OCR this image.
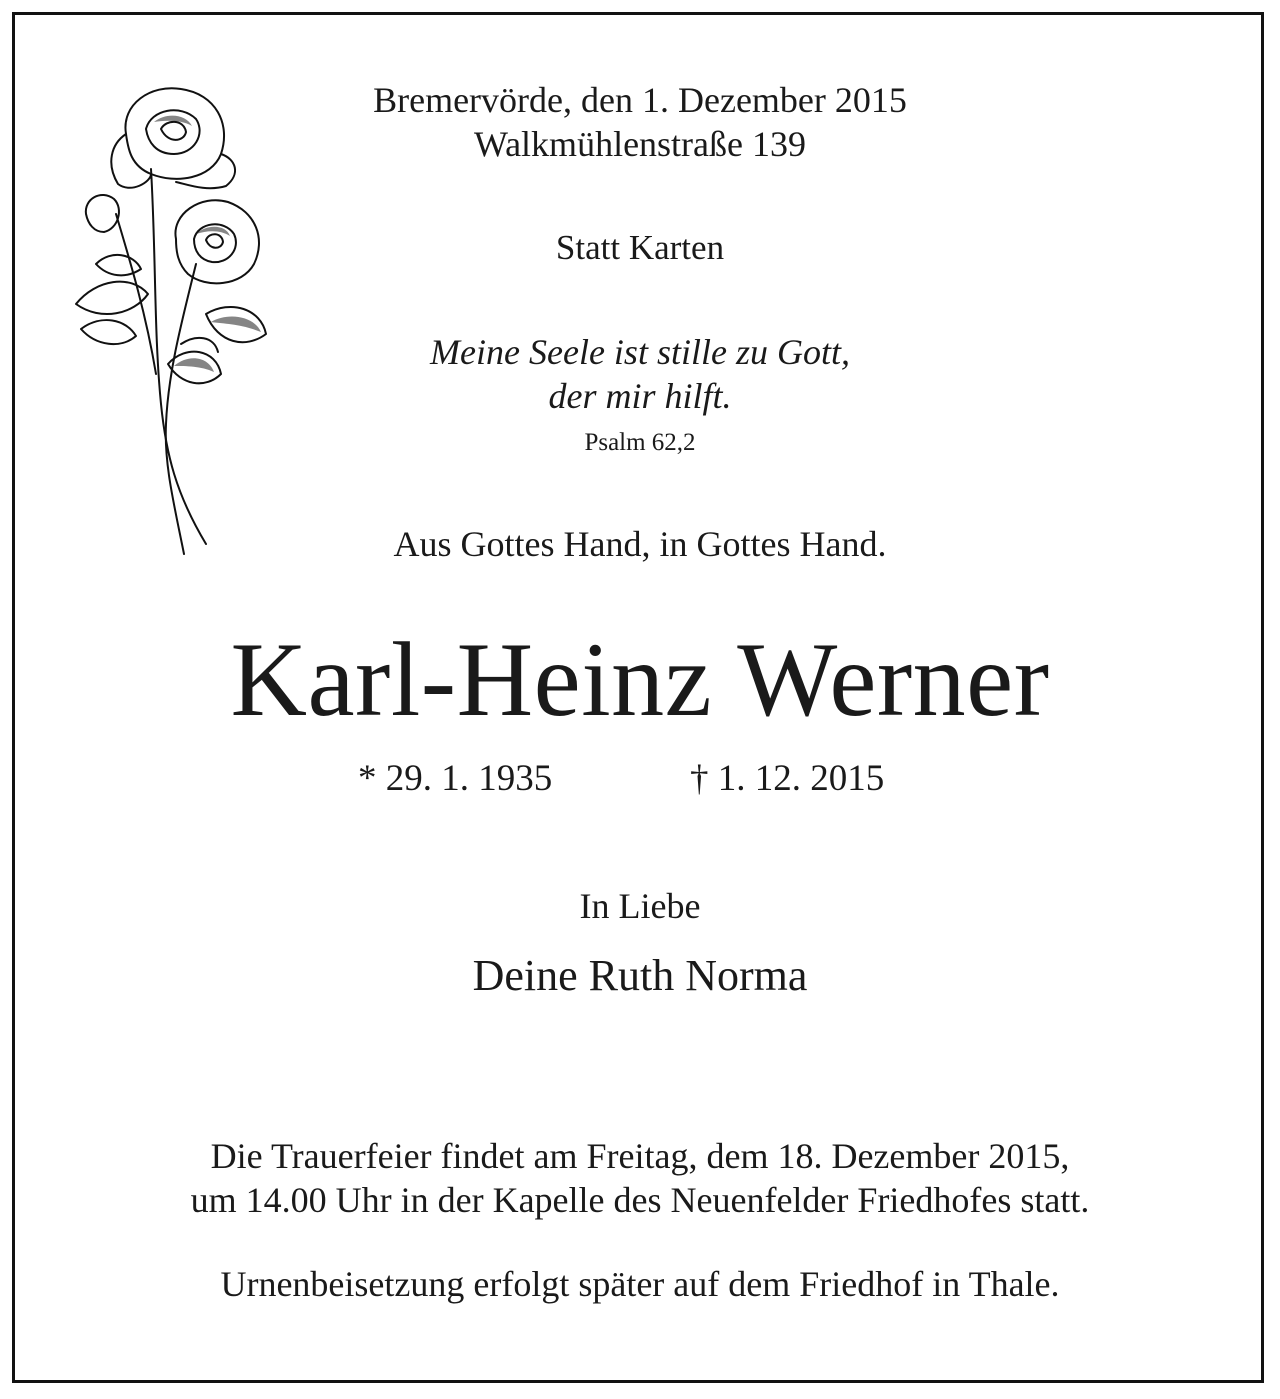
Bremervörde, den 1. Dezember 2015
Walkmühlenstraße 139
Statt Karten
Meine Seele ist stille zu Gott,
der mir hilft.
Psalm 62,2
Aus Gottes Hand, in Gottes Hand.
Karl-Heinz Werner
* 29. 1. 1935	† 1. 12. 2015
In Liebe
Deine Ruth Norma
Die Trauerfeier findet am Freitag, dem 18. Dezember 2015,
um 14.00 Uhr in der Kapelle des Neuenfelder Friedhofes statt.
Urnenbeisetzung erfolgt später auf dem Friedhof in Thale.
